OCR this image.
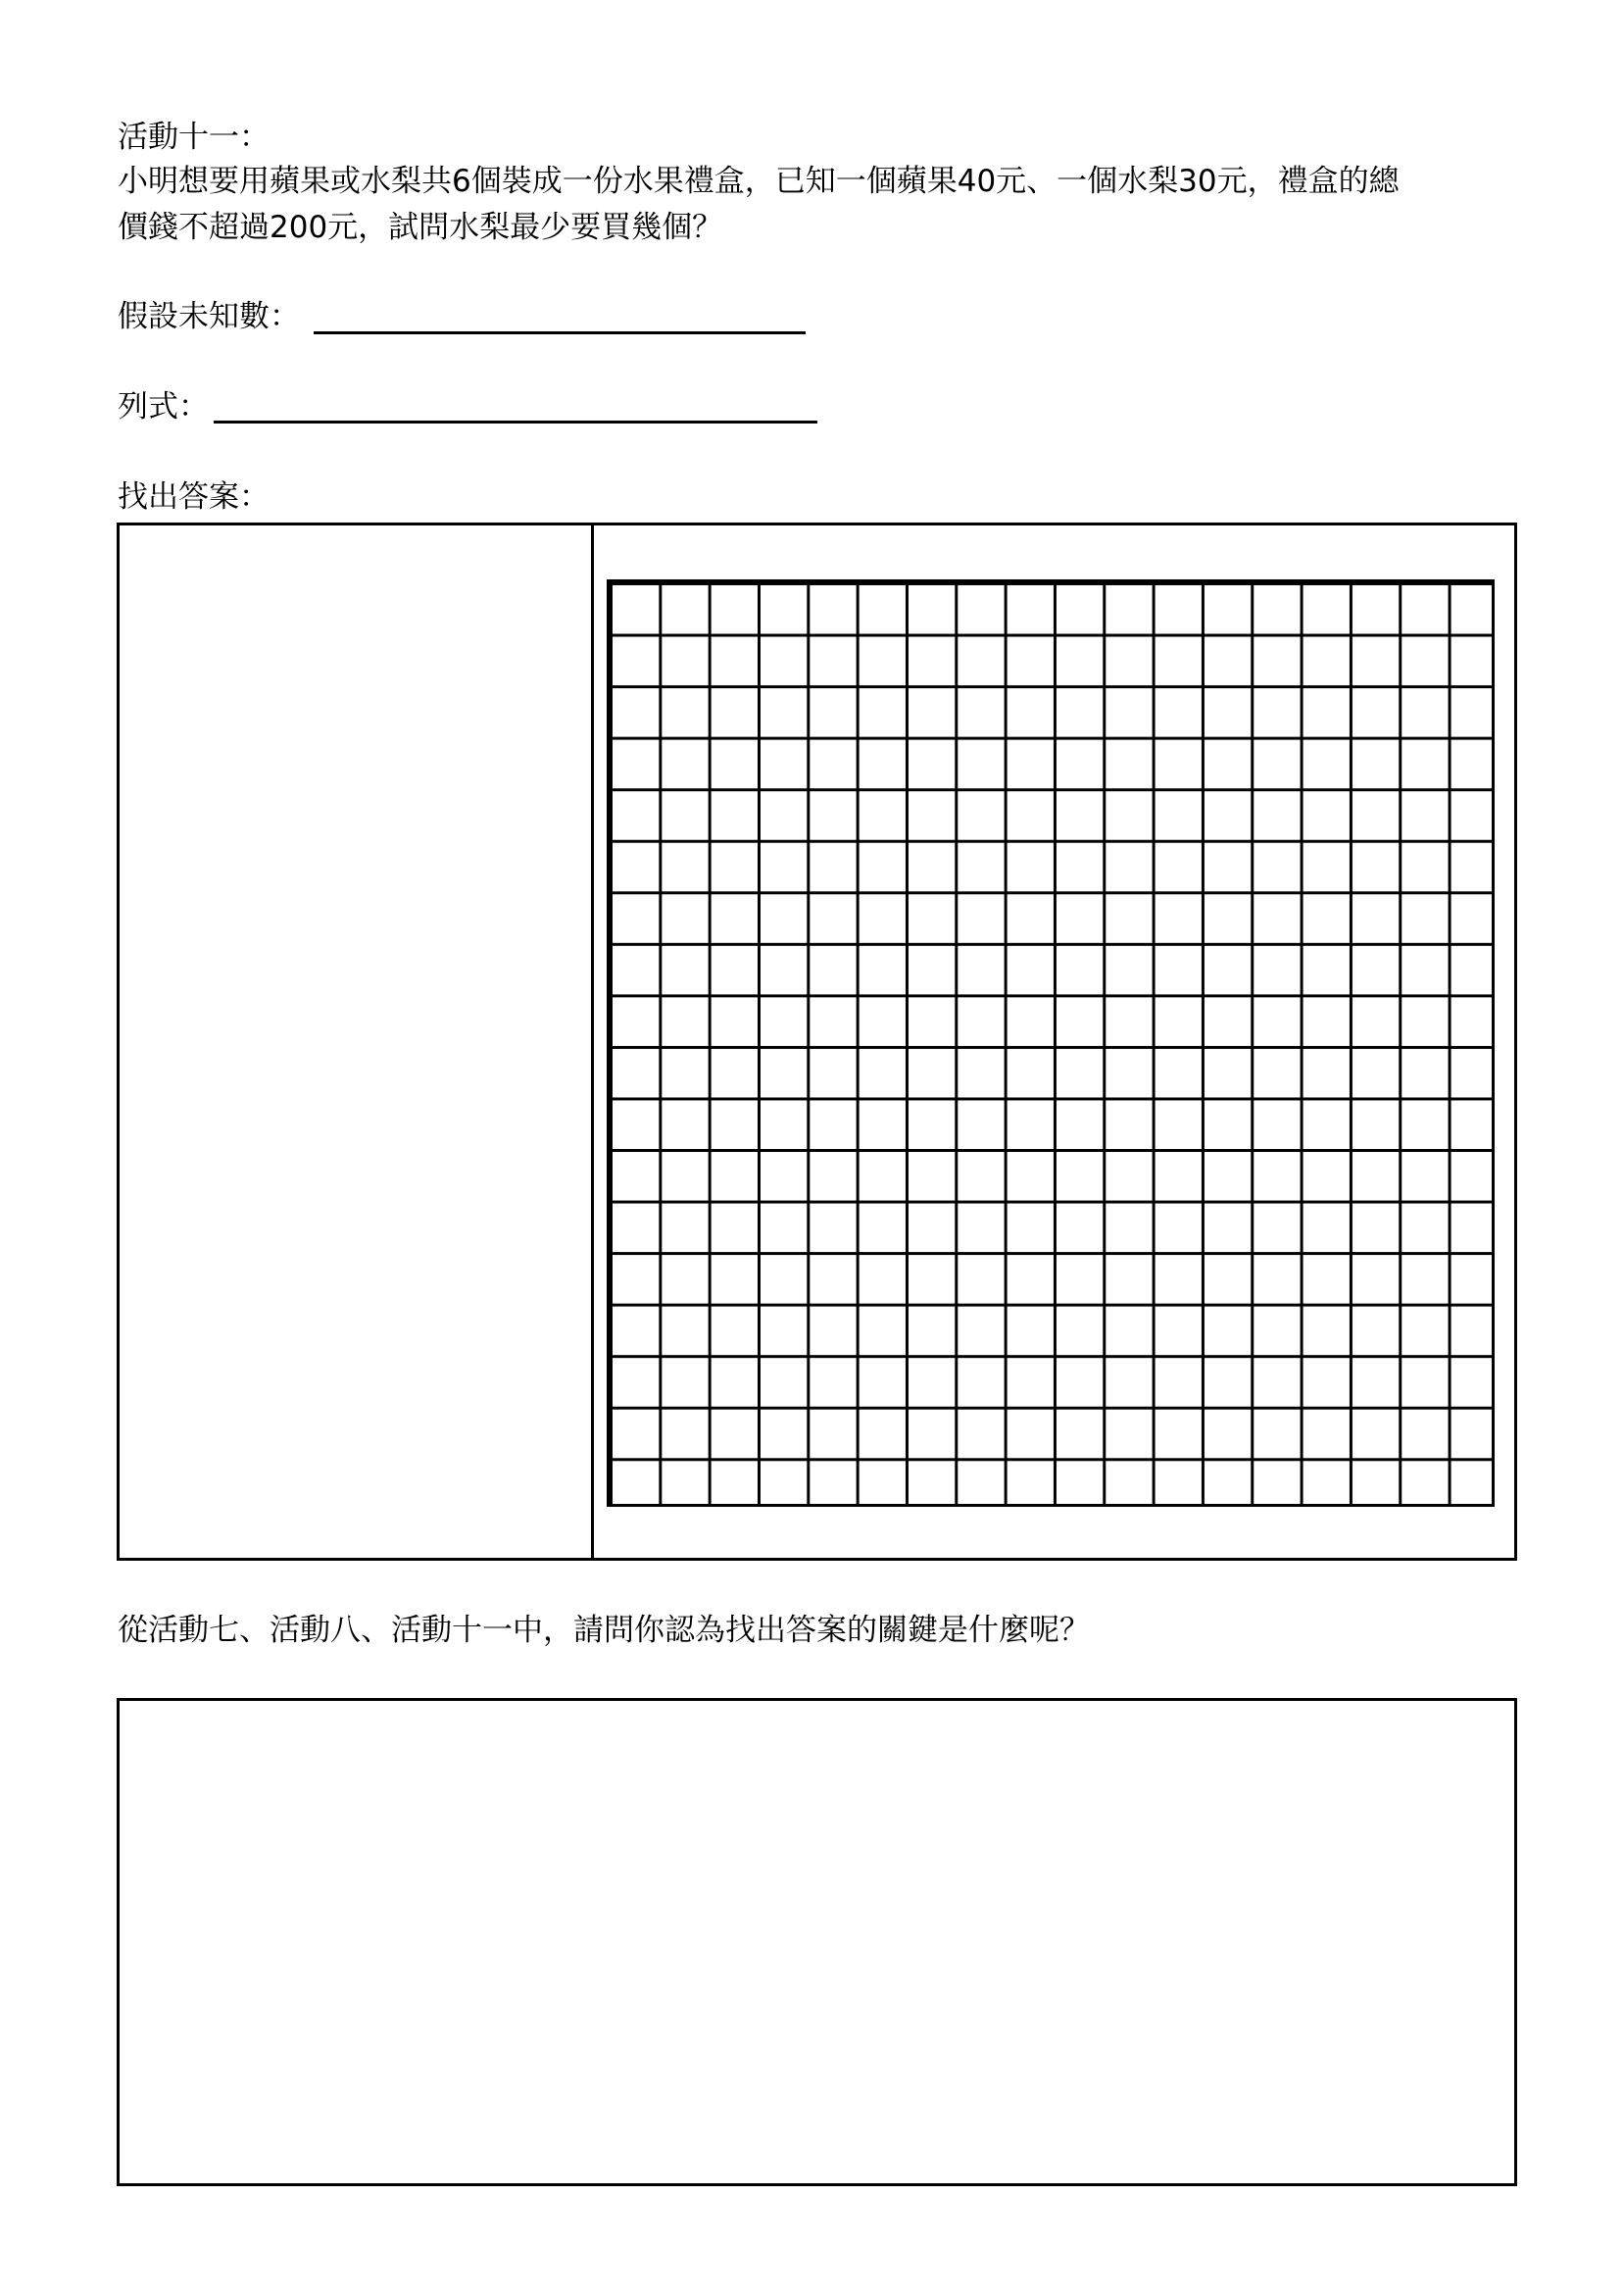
活動十一：
小明想要用蘋果或水梨共6個裝成一份水果禮盒，已知一個蘋果40元、一個水梨30元，禮盒的總
價錢不超過200元，試問水梨最少要買幾個？
假設未知數：
列式：
找出答案：
從活動七、活動八、活動十一中，請問你認為找出答案的關鍵是什麼呢？
